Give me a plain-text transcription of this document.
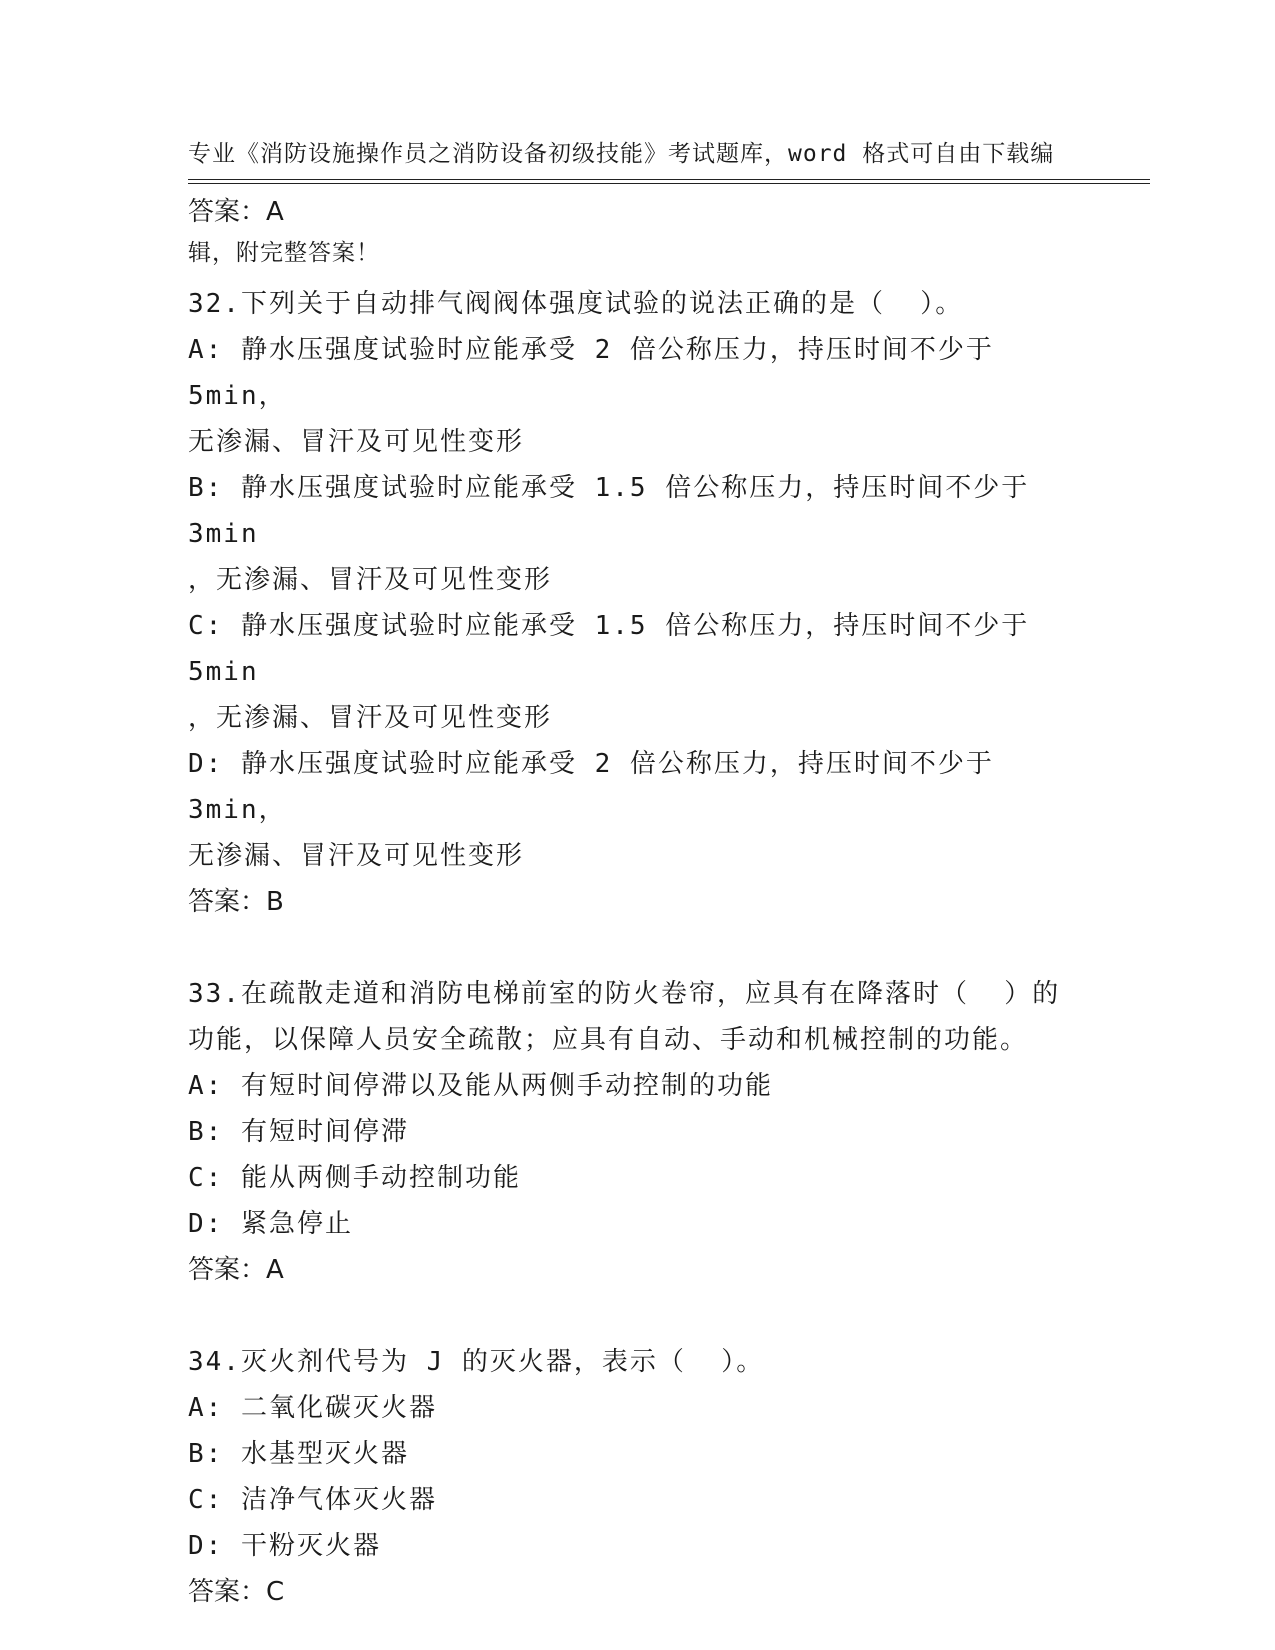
专业《消防设施操作员之消防设备初级技能》考试题库，word 格式可自由下载编

辑，附完整答案！

答案：A
32.下列关于自动排气阀阀体强度试验的说法正确的是（  ）。
A: 静水压强度试验时应能承受 2 倍公称压力，持压时间不少于 5min，
无渗漏、冒汗及可见性变形
B: 静水压强度试验时应能承受 1.5 倍公称压力，持压时间不少于 3min
，无渗漏、冒汗及可见性变形
C: 静水压强度试验时应能承受 1.5 倍公称压力，持压时间不少于 5min
，无渗漏、冒汗及可见性变形
D: 静水压强度试验时应能承受 2 倍公称压力，持压时间不少于 3min，
无渗漏、冒汗及可见性变形
答案：B
33.在疏散走道和消防电梯前室的防火卷帘，应具有在降落时（  ）的
功能，以保障人员安全疏散；应具有自动、手动和机械控制的功能。
A: 有短时间停滞以及能从两侧手动控制的功能
B: 有短时间停滞
C: 能从两侧手动控制功能
D: 紧急停止
答案：A
34.灭火剂代号为 J 的灭火器，表示（  ）。
A: 二氧化碳灭火器
B: 水基型灭火器
C: 洁净气体灭火器
D: 干粉灭火器
答案：C
